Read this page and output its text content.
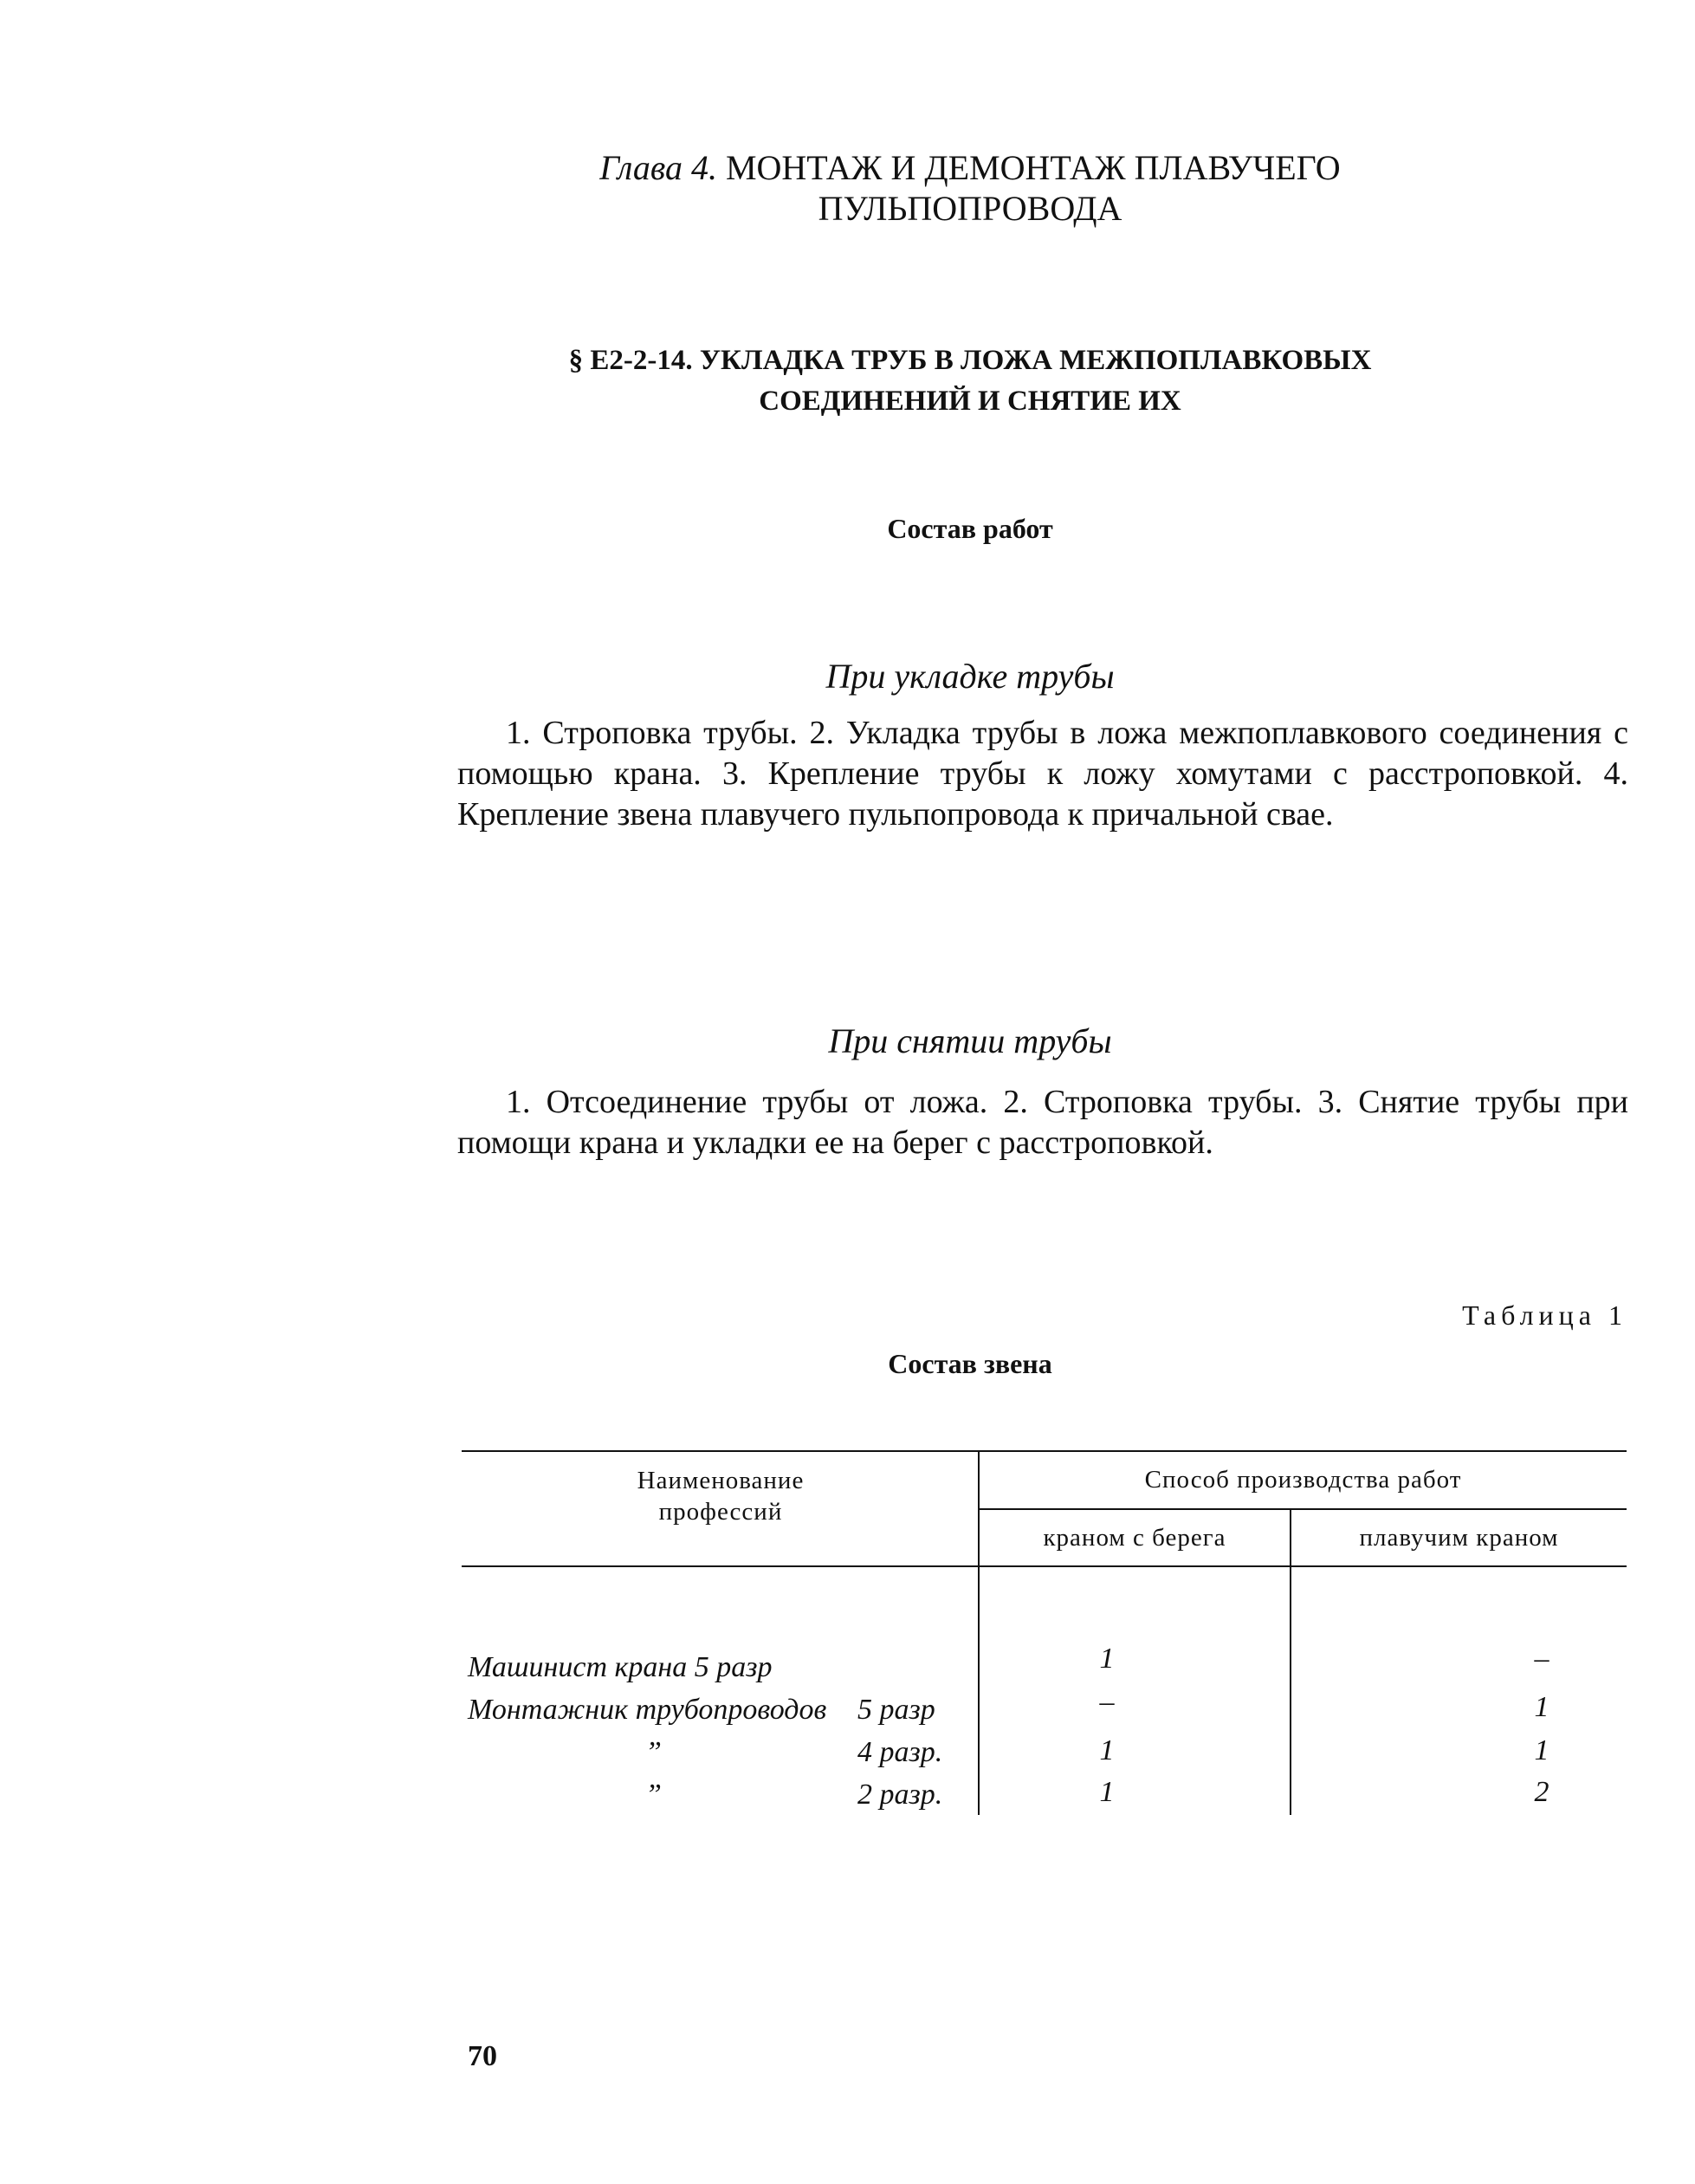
Глава 4. МОНТАЖ И ДЕМОНТАЖ ПЛАВУЧЕГО
ПУЛЬПОПРОВОДА
§ Е2-2-14. УКЛАДКА ТРУБ В ЛОЖА МЕЖПОПЛАВКОВЫХ
СОЕДИНЕНИЙ И СНЯТИЕ ИХ
Состав работ
При укладке трубы
1. Строповка трубы. 2. Укладка трубы в ложа межпоплавкового соединения с помощью крана. 3. Крепление трубы к ложу хомутами с расстроповкой. 4. Крепление звена плавучего пульпопровода к причальной свае.
При снятии трубы
1. Отсоединение трубы от ложа. 2. Строповка трубы. 3. Снятие трубы при помощи крана и укладки ее на берег с расстроповкой.
Таблица 1
Состав звена
Наименование
профессий
Способ производства работ
краном с берега	плавучим краном
Машинист крана 5 разр	1	–
Монтажник трубопроводов 5 разр	–	1
”	4 разр.	1	1
”	2 разр.	1	2
70
